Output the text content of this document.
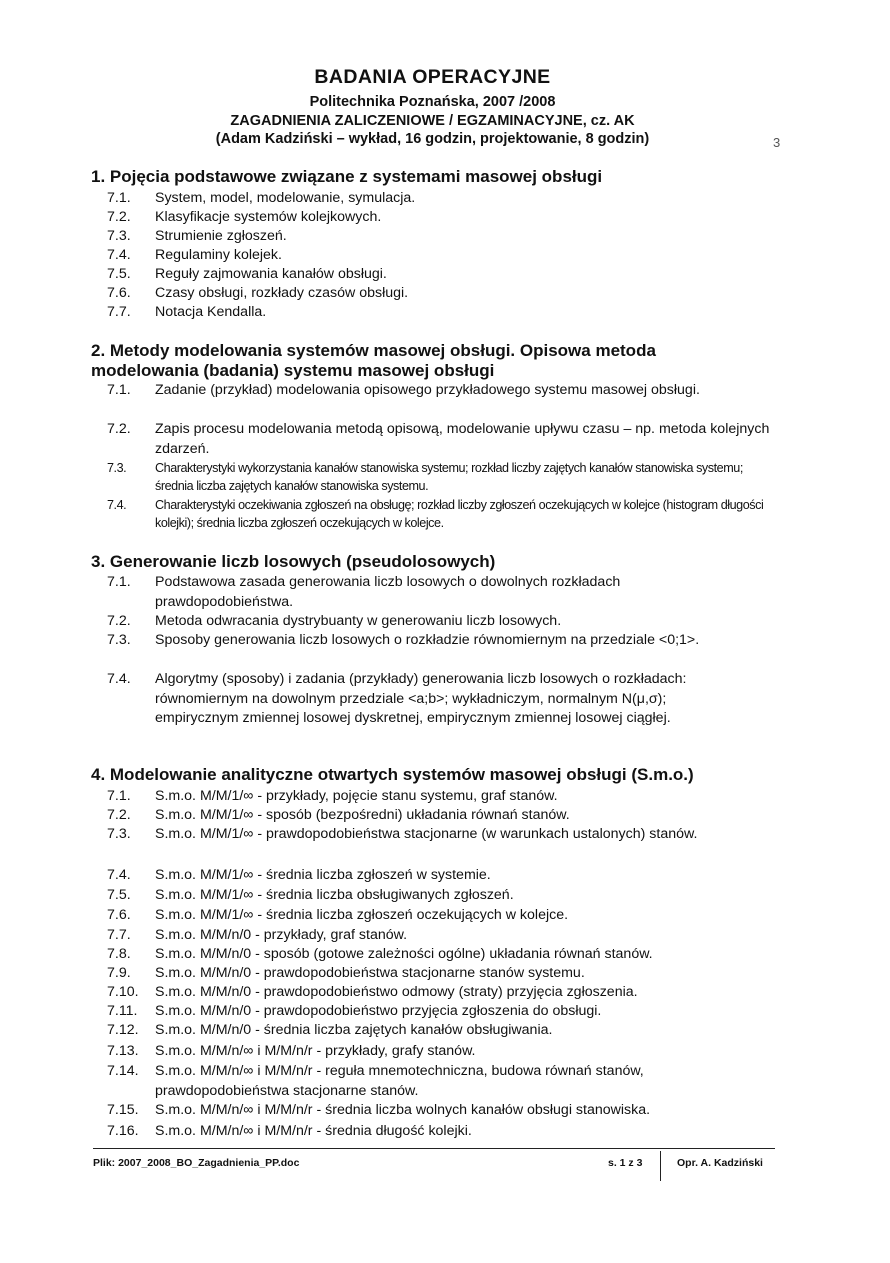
BADANIA OPERACYJNE
Politechnika Poznańska, 2007 /2008
ZAGADNIENIA ZALICZENIOWE / EGZAMINACYJNE, cz. AK
(Adam Kadziński – wykład, 16 godzin, projektowanie, 8 godzin)	3
1. Pojęcia podstawowe związane z systemami masowej obsługi
7.1. System, model, modelowanie, symulacja.
7.2. Klasyfikacje systemów kolejkowych.
7.3. Strumienie zgłoszeń.
7.4. Regulaminy kolejek.
7.5. Reguły zajmowania kanałów obsługi.
7.6. Czasy obsługi, rozkłady czasów obsługi.
7.7. Notacja Kendalla.
2. Metody modelowania systemów masowej obsługi. Opisowa metoda modelowania (badania) systemu masowej obsługi
7.1. Zadanie (przykład) modelowania opisowego przykładowego systemu masowej obsługi.
7.2. Zapis procesu modelowania metodą opisową, modelowanie upływu czasu – np. metoda kolejnych zdarzeń.
7.3. Charakterystyki wykorzystania kanałów stanowiska systemu; rozkład liczby zajętych kanałów stanowiska systemu; średnia liczba zajętych kanałów stanowiska systemu.
7.4. Charakterystyki oczekiwania zgłoszeń na obsługę; rozkład liczby zgłoszeń oczekujących w kolejce (histogram długości kolejki); średnia liczba zgłoszeń oczekujących w kolejce.
3. Generowanie liczb losowych (pseudolosowych)
7.1. Podstawowa zasada generowania liczb losowych o dowolnych rozkładach prawdopodobieństwa.
7.2. Metoda odwracania dystrybuanty w generowaniu liczb losowych.
7.3. Sposoby generowania liczb losowych o rozkładzie równomiernym na przedziale <0;1>.
7.4. Algorytmy (sposoby) i zadania (przykłady) generowania liczb losowych o rozkładach: równomiernym na dowolnym przedziale <a;b>; wykładniczym, normalnym N(μ,σ); empirycznym zmiennej losowej dyskretnej, empirycznym zmiennej losowej ciągłej.
4. Modelowanie analityczne otwartych systemów masowej obsługi (S.m.o.)
7.1. S.m.o. M/M/1/∞ - przykłady, pojęcie stanu systemu, graf stanów.
7.2. S.m.o. M/M/1/∞ - sposób (bezpośredni) układania równań stanów.
7.3. S.m.o. M/M/1/∞ - prawdopodobieństwa stacjonarne (w warunkach ustalonych) stanów.
7.4. S.m.o. M/M/1/∞ - średnia liczba zgłoszeń w systemie.
7.5. S.m.o. M/M/1/∞ - średnia liczba obsługiwanych zgłoszeń.
7.6. S.m.o. M/M/1/∞ - średnia liczba zgłoszeń oczekujących w kolejce.
7.7. S.m.o. M/M/n/0 - przykłady, graf stanów.
7.8. S.m.o. M/M/n/0 - sposób (gotowe zależności ogólne) układania równań stanów.
7.9. S.m.o. M/M/n/0 - prawdopodobieństwa stacjonarne stanów systemu.
7.10. S.m.o. M/M/n/0 - prawdopodobieństwo odmowy (straty) przyjęcia zgłoszenia.
7.11. S.m.o. M/M/n/0 - prawdopodobieństwo przyjęcia zgłoszenia do obsługi.
7.12. S.m.o. M/M/n/0 - średnia liczba zajętych kanałów obsługiwania.
7.13. S.m.o. M/M/n/∞ i M/M/n/r - przykłady, grafy stanów.
7.14. S.m.o. M/M/n/∞ i M/M/n/r - reguła mnemotechniczna, budowa równań stanów, prawdopodobieństwa stacjonarne stanów.
7.15. S.m.o. M/M/n/∞ i M/M/n/r - średnia liczba wolnych kanałów obsługi stanowiska.
7.16. S.m.o. M/M/n/∞ i M/M/n/r - średnia długość kolejki.
Plik: 2007_2008_BO_Zagadnienia_PP.doc	s. 1 z 3	Opr. A. Kadziński
